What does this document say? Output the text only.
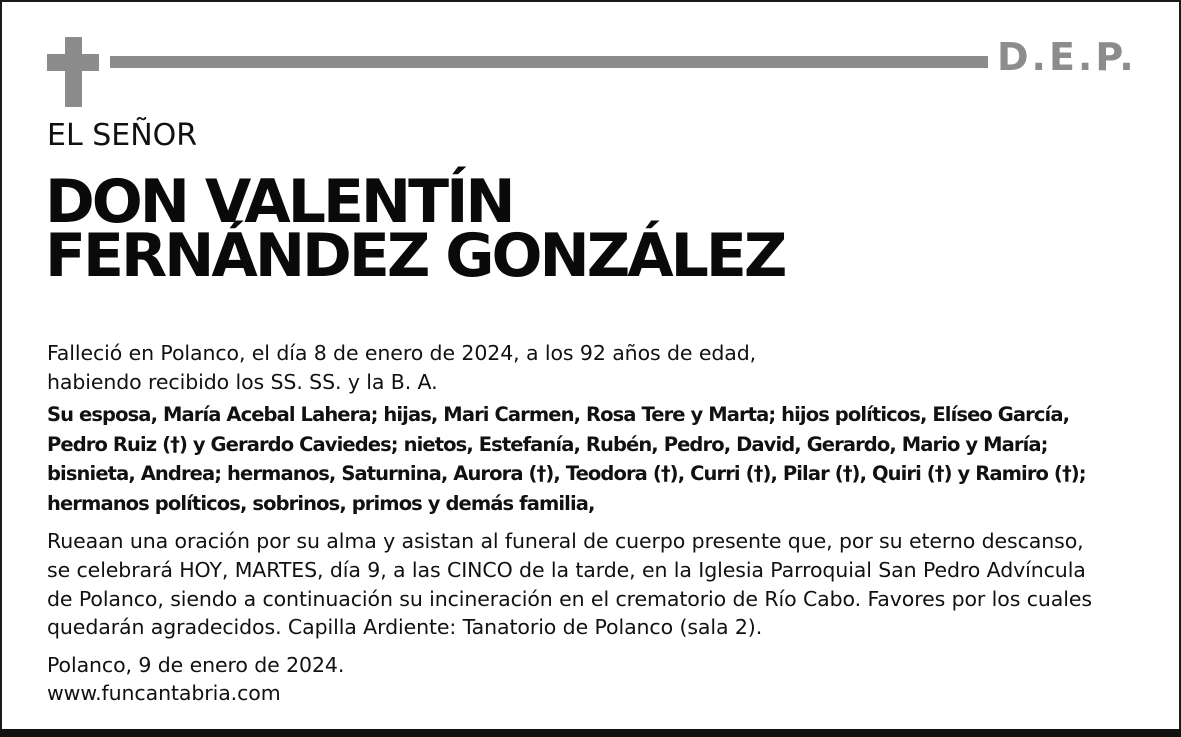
D.E.P.
EL SEÑOR
DON VALENTÍN
FERNÁNDEZ GONZÁLEZ
Falleció en Polanco, el día 8 de enero de 2024, a los 92 años de edad,
habiendo recibido los SS. SS. y la B. A.
Su esposa, María Acebal Lahera; hijas, Mari Carmen, Rosa Tere y Marta; hijos políticos, Elíseo García,
Pedro Ruiz (†) y Gerardo Caviedes; nietos, Estefanía, Rubén, Pedro, David, Gerardo, Mario y María;
bisnieta, Andrea; hermanos, Saturnina, Aurora (†), Teodora (†), Curri (†), Pilar (†), Quiri (†) y Ramiro (†);
hermanos políticos, sobrinos, primos y demás familia,
Rueaan una oración por su alma y asistan al funeral de cuerpo presente que, por su eterno descanso,
se celebrará HOY, MARTES, día 9, a las CINCO de la tarde, en la Iglesia Parroquial San Pedro Advíncula
de Polanco, siendo a continuación su incineración en el crematorio de Río Cabo. Favores por los cuales
quedarán agradecidos. Capilla Ardiente: Tanatorio de Polanco (sala 2).
Polanco, 9 de enero de 2024.
www.funcantabria.com
